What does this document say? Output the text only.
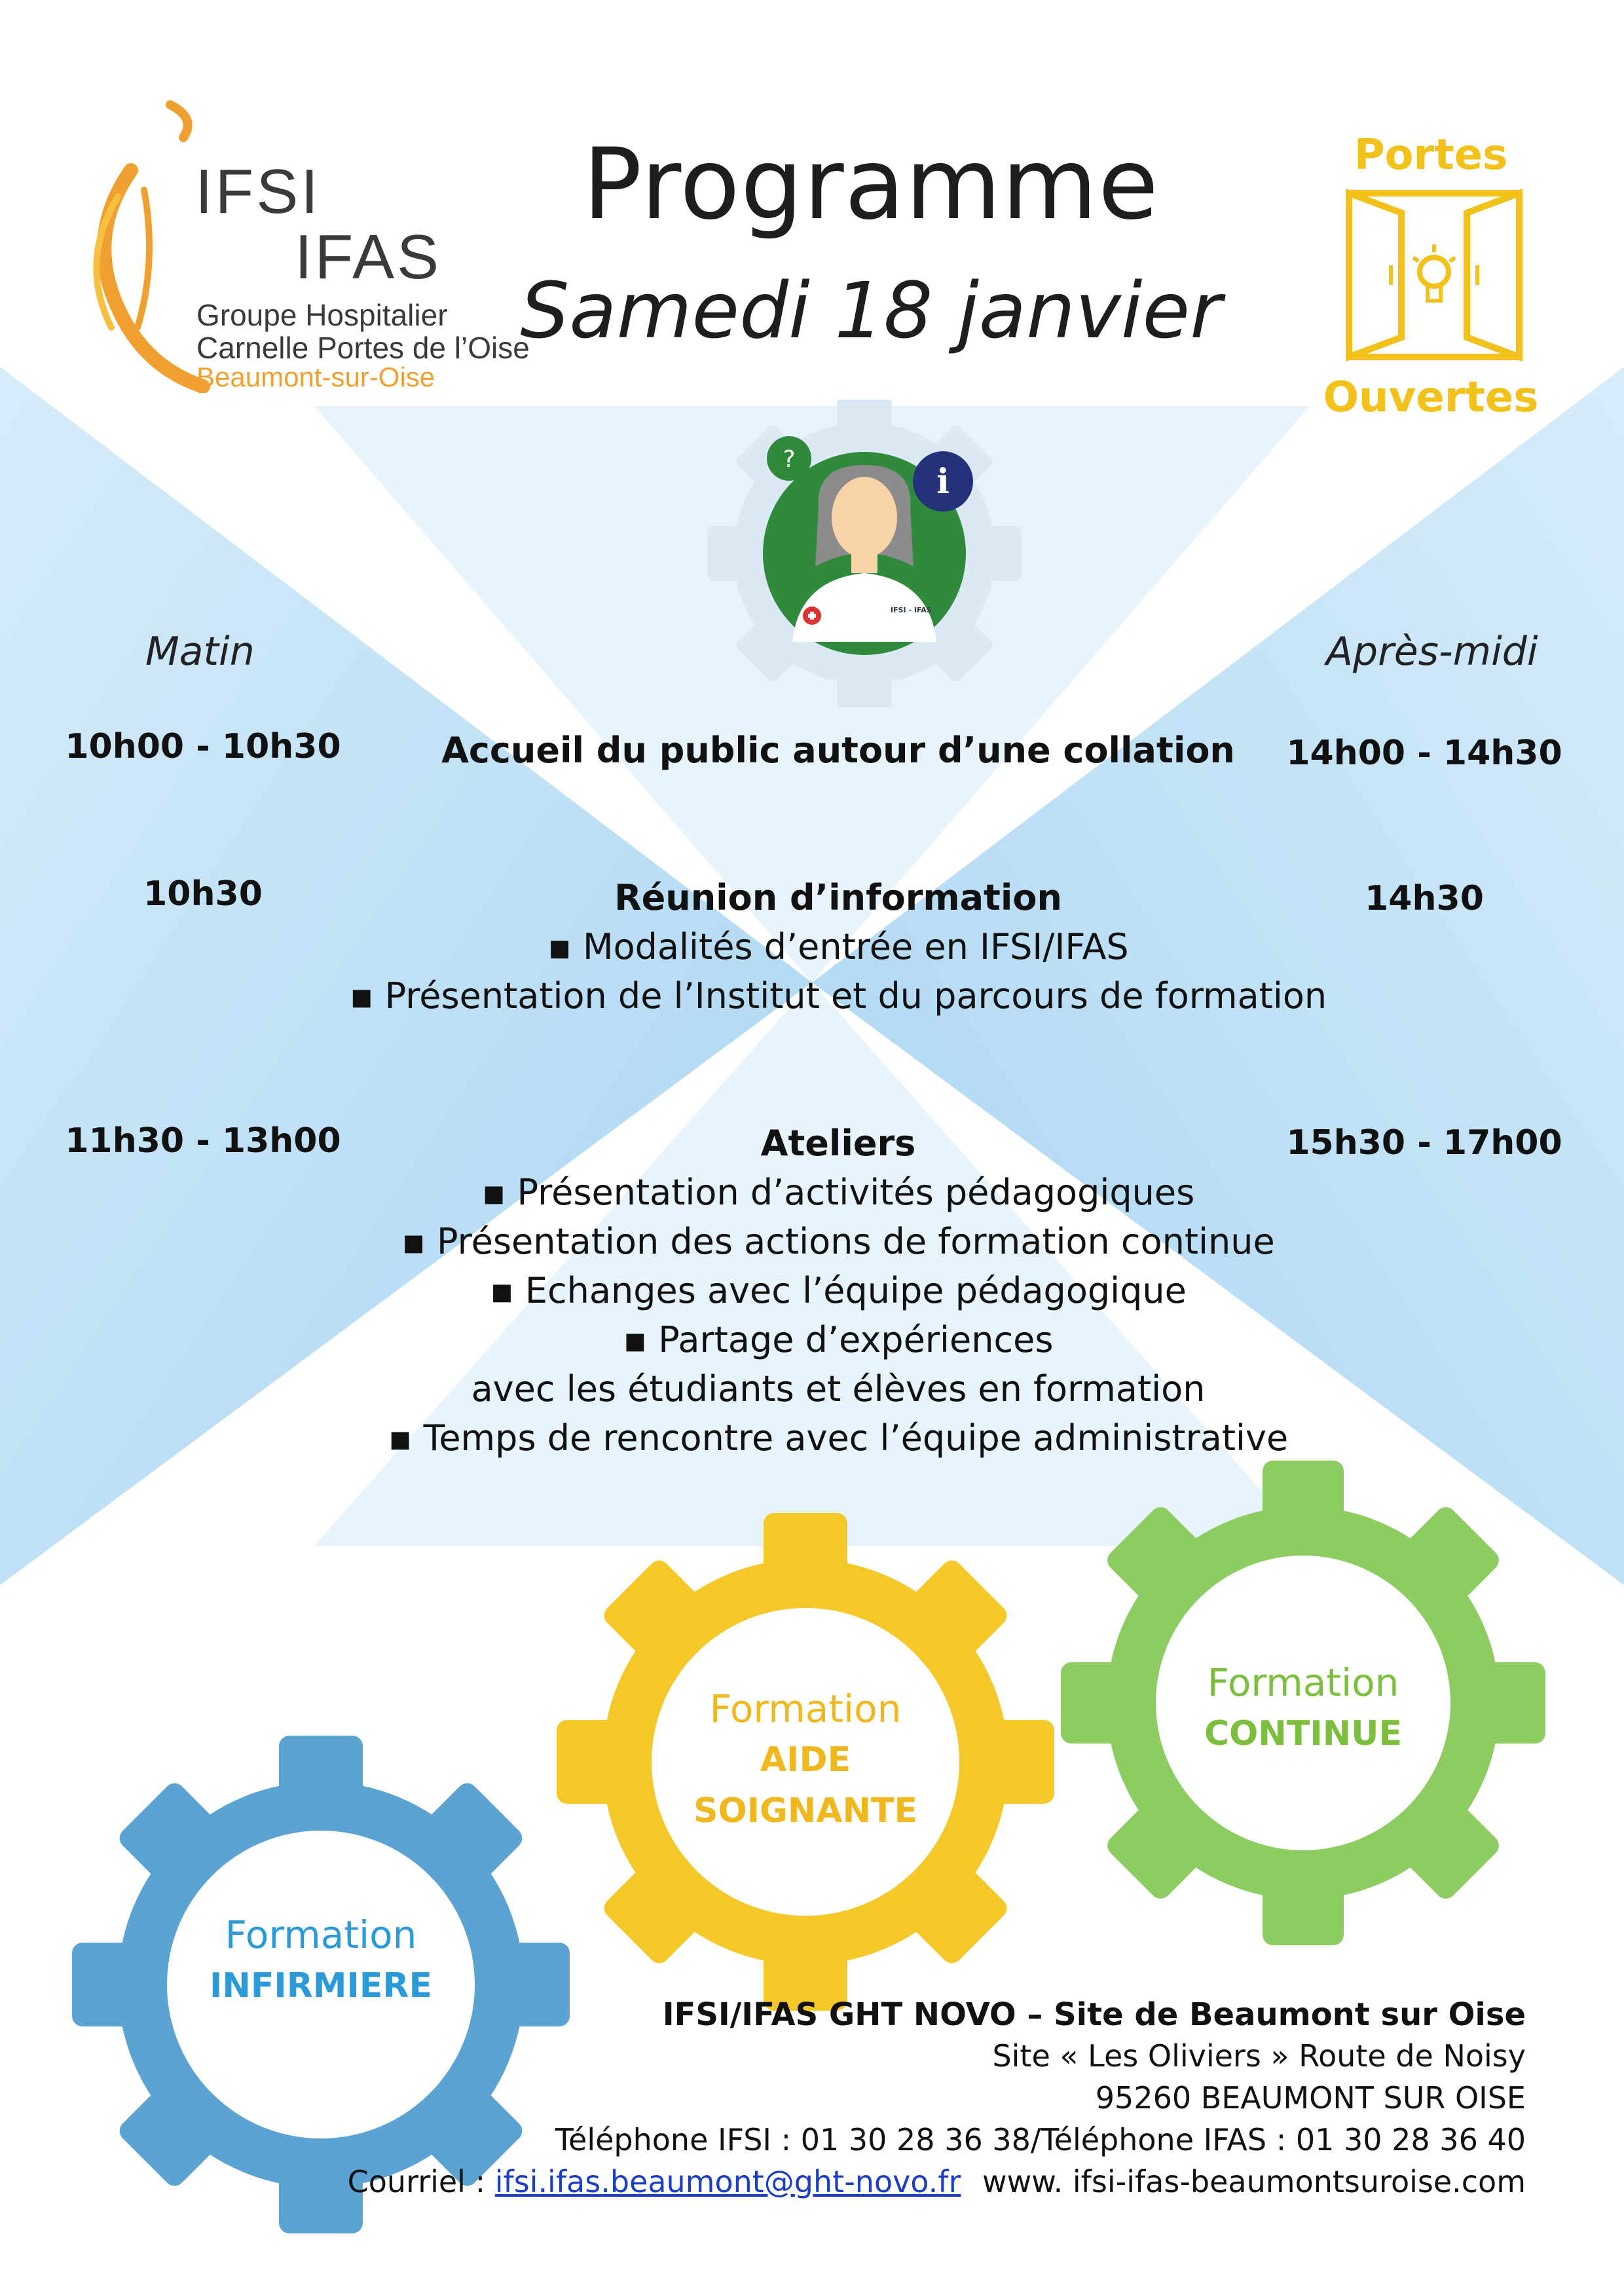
IFSI
IFAS
Groupe Hospitalier
Carnelle Portes de l’Oise
Beaumont-sur-Oise
Programme
Samedi 18 janvier
Portes
Ouvertes
?
i
IFSI - IFAS
Matin	Après-midi
10h00 - 10h30	14h00 - 14h30
Accueil du public autour d’une collation
10h30	14h30
Réunion d’information
▪ Modalités d’entrée en IFSI/IFAS
▪ Présentation de l’Institut et du parcours de formation
11h30 - 13h00	15h30 - 17h00
Ateliers
▪ Présentation d’activités pédagogiques
▪ Présentation des actions de formation continue
▪ Echanges avec l’équipe pédagogique
▪ Partage d’expériences
avec les étudiants et élèves en formation
▪ Temps de rencontre avec l’équipe administrative
Formation
CONTINUE
Formation
AIDE
SOIGNANTE
Formation
INFIRMIERE
IFSI/IFAS GHT NOVO – Site de Beaumont sur Oise
Site « Les Oliviers » Route de Noisy
95260 BEAUMONT SUR OISE
Téléphone IFSI : 01 30 28 36 38/Téléphone IFAS : 01 30 28 36 40
Courriel : ifsi.ifas.beaumont@ght-novo.fr www. ifsi-ifas-beaumontsuroise.com
